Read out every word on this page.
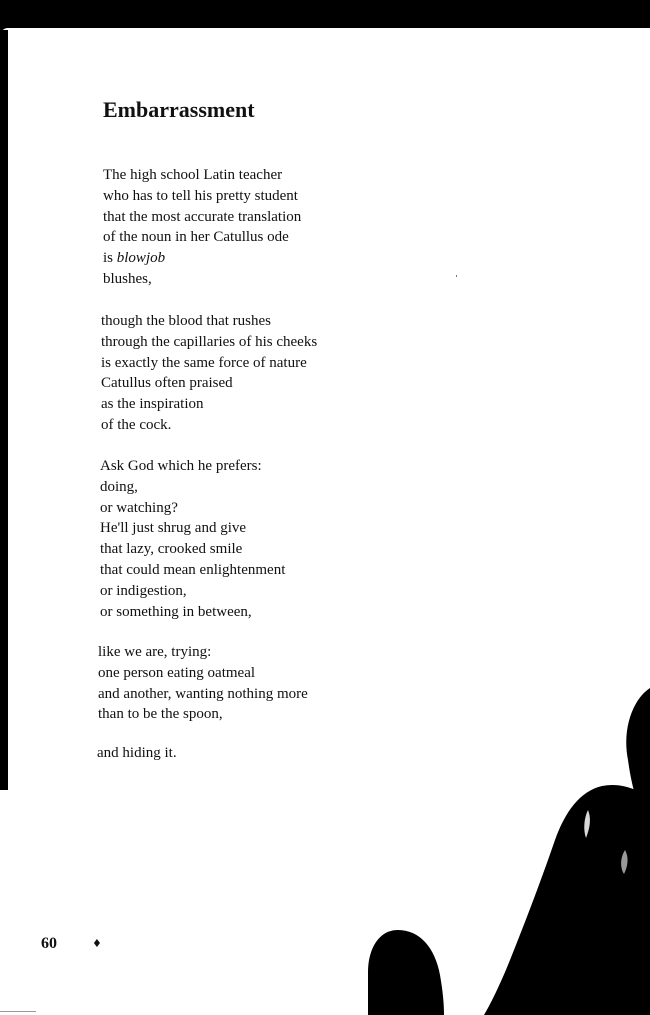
Embarrassment
The high school Latin teacher
who has to tell his pretty student
that the most accurate translation
of the noun in her Catullus ode
is blowjob
blushes,
though the blood that rushes
through the capillaries of his cheeks
is exactly the same force of nature
Catullus often praised
as the inspiration
of the cock.
Ask God which he prefers:
doing,
or watching?
He'll just shrug and give
that lazy, crooked smile
that could mean enlightenment
or indigestion,
or something in between,
like we are, trying:
one person eating oatmeal
and another, wanting nothing more
than to be the spoon,
and hiding it.
60	♦
